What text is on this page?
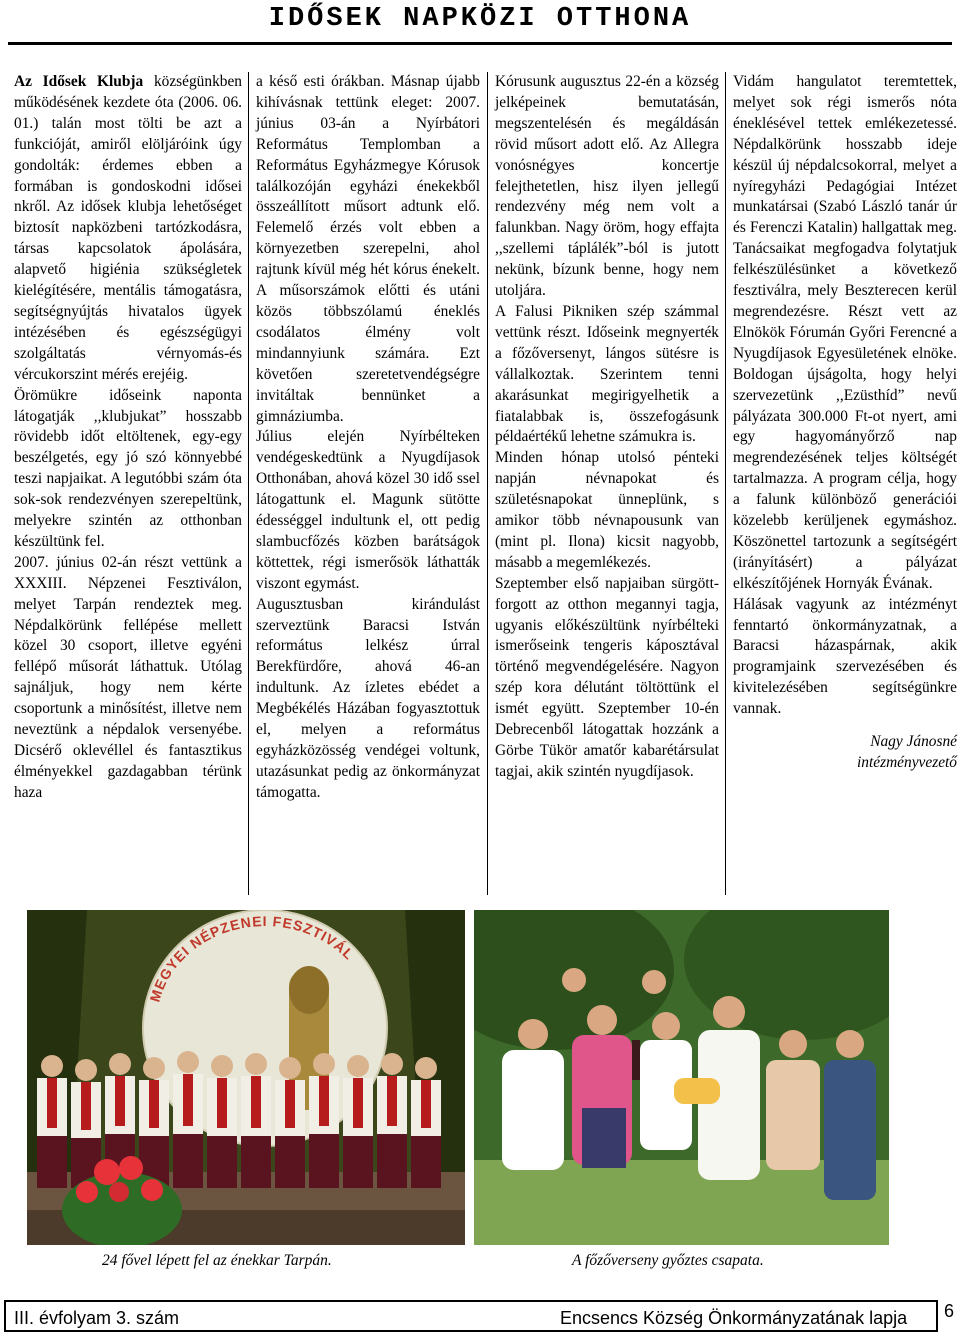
IDŐSEK NAPKÖZI OTTHONA

Az Idősek Klubja községünkben működésének kezdete óta (2006. 06. 01.) talán most tölti be azt a funkcióját, amiről elöljáróink úgy gondolták: érdemes ebben a formában is gondoskodni idősei nkről. Az idősek klubja lehetőséget biztosít napközbeni tartózkodásra, társas kapcsolatok ápolására, alapvető higiénia szükségletek kielégítésére, mentális támogatásra, segítségnyújtás hivatalos ügyek intézésében és egészségügyi szolgáltatás vérnyomás-és vércukorszint mérés erejéig.

Örömükre időseink naponta látogatják ,,klubjukat” hosszabb rövidebb időt eltöltenek, egy-egy beszélgetés, egy jó szó könnyebbé teszi napjaikat. A legutóbbi szám óta sok-sok rendezvényen szerepeltünk, melyekre szintén az otthonban készültünk fel.

2007. június 02-án részt vettünk a XXXIII. Népzenei Fesztiválon, melyet Tarpán rendeztek meg. Népdalkörünk fellépése mellett közel 30 csoport, illetve egyéni fellépő műsorát láthattuk. Utólag sajnáljuk, hogy nem kérte csoportunk a minősítést, illetve nem neveztünk a népdalok versenyébe. Dicsérő oklevéllel és fantasztikus élményekkel gazdagabban térünk haza

a késő esti órákban. Másnap újabb kihívásnak tettünk eleget: 2007. június 03-án a Nyírbátori Református Templomban a Református Egyházmegye Kórusok találkozóján egyházi énekekből összeállított műsort adtunk elő. Felemelő érzés volt ebben a környezetben szerepelni, ahol rajtunk kívül még hét kórus énekelt. A műsorszámok előtti és utáni közös többszólamú éneklés csodálatos élmény volt mindannyiunk számára. Ezt követően szeretetvendégségre invitáltak bennünket a gimnáziumba.

Július elején Nyírbélteken vendégeskedtünk a Nyugdíjasok Otthonában, ahová közel 30 idő ssel látogattunk el. Magunk sütötte édességgel indultunk el, ott pedig slambucfőzés közben barátságok köttettek, régi ismerősök láthatták viszont egymást.

Augusztusban kirándulást szerveztünk Baracsi István református lelkész úrral Berekfürdőre, ahová 46-an indultunk. Az ízletes ebédet a Megbékélés Házában fogyasztottuk el, melyen a református egyházközösség vendégei voltunk, utazásunkat pedig az önkormányzat támogatta.

Kórusunk augusztus 22-én a község jelképeinek bemutatásán, megszentelésén és megáldásán rövid műsort adott elő. Az Allegra vonósnégyes koncertje felejthetetlen, hisz ilyen jellegű rendezvény még nem volt a falunkban. Nagy öröm, hogy effajta ,,szellemi táplálék”-ból is jutott nekünk, bízunk benne, hogy nem utoljára.

A Falusi Pikniken szép számmal vettünk részt. Időseink megnyerték a főzőversenyt, lángos sütésre is vállalkoztak. Szerintem tenni akarásunkat megirigyelhetik a fiatalabbak is, összefogásunk példaértékű lehetne számukra is.

Minden hónap utolsó pénteki napján névnapokat és születésnapokat ünneplünk, s amikor több névnapousunk van (mint pl. Ilona) kicsit nagyobb, másabb a megemlékezés.

Szeptember első napjaiban sürgött-forgott az otthon megannyi tagja, ugyanis előkészültünk nyírbélteki ismerőseink tengeris káposztával történő megvendégelésére. Nagyon szép kora délutánt töltöttünk el ismét együtt. Szeptember 10-én Debrecenből látogattak hozzánk a Görbe Tükör amatőr kabarétársulat tagjai, akik szintén nyugdíjasok.

Vidám hangulatot teremtettek, melyet sok régi ismerős nóta éneklésével tettek emlékezetessé. Népdalkörünk hosszabb ideje készül új népdalcsokorral, melyet a nyíregyházi Pedagógiai Intézet munkatársai (Szabó László tanár úr és Ferenczi Katalin) hallgattak meg. Tanácsaikat megfogadva folytatjuk felkészülésünket a következő fesztiválra, mely Beszterecen kerül megrendezésre. Részt vett az Elnökök Fórumán Győri Ferencné a Nyugdíjasok Egyesületének elnöke. Boldogan újságolta, hogy helyi szervezetünk ,,Ezüsthíd” nevű pályázata 300.000 Ft-ot nyert, ami egy hagyományőrző nap megrendezésének teljes költségét tartalmazza. A program célja, hogy a falunk különböző generációi közelebb kerüljenek egymáshoz. Köszönettel tartozunk a segítségért (irányításért) a pályázat elkészítőjének Hornyák Évának.

Hálásak vagyunk az intézményt fenntartó önkormányzatnak, a Baracsi házaspárnak, akik programjaink szervezésében és kivitelezésében segítségünkre vannak.

Nagy Jánosné
intézményvezető
MEGYEI NÉPZENEI FESZTIVÁL
24 fővel lépett fel az énekkar Tarpán.	A főzőverseny győztes csapata.
III. évfolyam 3. szám	Encsencs Község Önkormányzatának lapja 6
